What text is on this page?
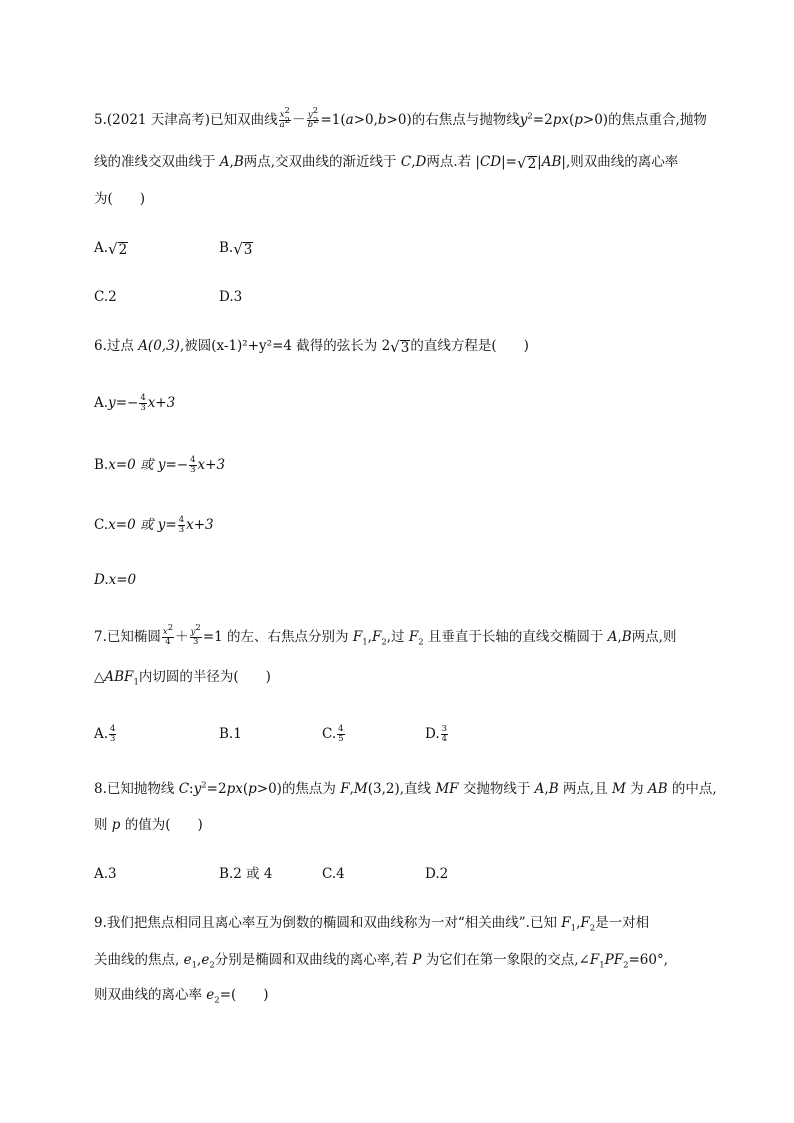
5.(2021 天津高考)已知双曲线 $\frac{x^2}{a^2} - \frac{y^2}{b^2} =1(a>0,b>0)$的右焦点与抛物线$y^2=2px(p>0)$的焦点重合,抛物
线的准线交双曲线于 A,B两点,交双曲线的渐近线于 C,D两点.若 |CD|= √ 2 |AB|,则双曲线的离心率
为(　　)
A. √ 2	B. √ 3
C.2	D.3
6.过点 A(0,3),被圆(x-1)²+y²=4 截得的弦长为 2 √ 3 的直线方程是(　　)
$A.y=- \frac{4}{3} x+3$
B.x=0 或 $y=- \frac{4}{3} x+3$
C.x=0 或 $y= \frac{4}{3} x+3$
D.x=0
7.已知椭圆 $\frac{x^2}{4} + \frac{y^2}{3} =1$ 的左、右焦点分别为 $F_1,F_2$,过 $F_2$ 且垂直于长轴的直线交椭圆于 A,B两点,则
$\triangle ABF_1$内切圆的半径为(　　)
A. $\frac{4}{3}$	B.1	C. $\frac{4}{5}$	D. $\frac{3}{4}$
8.已知抛物线 $C:y^2=2px(p>0)$的焦点为 F,M(3,2),直线 MF 交抛物线于 A,B 两点,且 M 为 AB 的中点,
则 p 的值为(　　)
A.3	B.2 或 4	C.4	D.2
9.我们把焦点相同且离心率互为倒数的椭圆和双曲线称为一对“相关曲线”.已知 $F_1,F_2$是一对相
关曲线的焦点, $e_1,e_2$分别是椭圆和双曲线的离心率,若 P 为它们在第一象限的交点$,\angle F_1PF_2=60^\circ$,
则双曲线的离心率 $e_2=$(　　)
